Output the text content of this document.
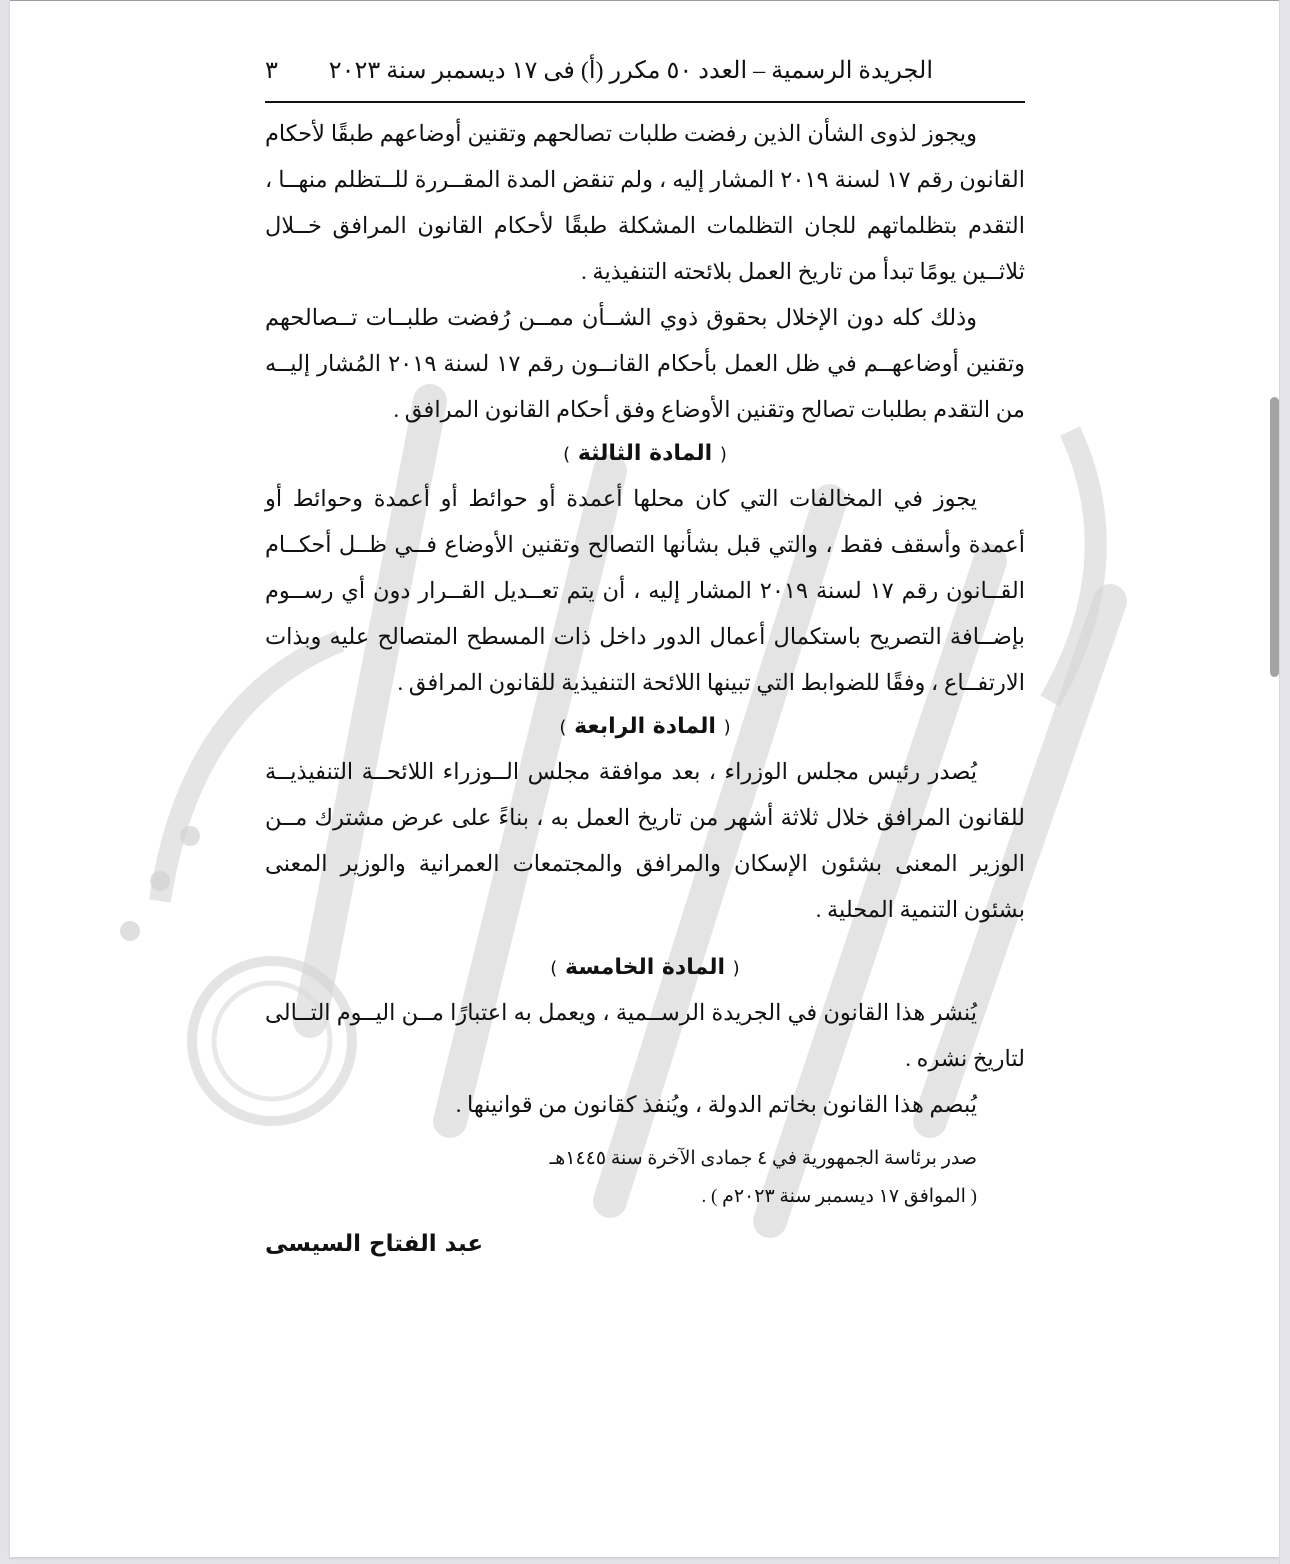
الجريدة الرسمية – العدد ٥٠ مكرر (أ) فى ١٧ ديسمبر سنة ٢٠٢٣
٣

ويجوز لذوى الشأن الذين رفضت طلبات تصالحهم وتقنين أوضاعهم طبقًا لأحكام القانون رقم ١٧ لسنة ٢٠١٩ المشار إليه ، ولم تنقض المدة المقــررة للــتظلم منهــا ، التقدم بتظلماتهم للجان التظلمات المشكلة طبقًا لأحكام القانون المرافق خــلال ثلاثــين يومًا تبدأ من تاريخ العمل بلائحته التنفيذية .

وذلك كله دون الإخلال بحقوق ذوي الشــأن ممــن رُفضت طلبــات تــصالحهم وتقنين أوضاعهــم في ظل العمل بأحكام القانــون رقم ١٧ لسنة ٢٠١٩ المُشار إليــه من التقدم بطلبات تصالح وتقنين الأوضاع وفق أحكام القانون المرافق .

( المادة الثالثة )

يجوز في المخالفات التي كان محلها أعمدة أو حوائط أو أعمدة وحوائط أو أعمدة وأسقف فقط ، والتي قبل بشأنها التصالح وتقنين الأوضاع فــي ظــل أحكــام القــانون رقم ١٧ لسنة ٢٠١٩ المشار إليه ، أن يتم تعــديل القــرار دون أي رســوم بإضــافة التصريح باستكمال أعمال الدور داخل ذات المسطح المتصالح عليه وبذات الارتفــاع ، وفقًا للضوابط التي تبينها اللائحة التنفيذية للقانون المرافق .

( المادة الرابعة )

يُصدر رئيس مجلس الوزراء ، بعد موافقة مجلس الــوزراء اللائحــة التنفيذيــة للقانون المرافق خلال ثلاثة أشهر من تاريخ العمل به ، بناءً على عرض مشترك مــن الوزير المعنى بشئون الإسكان والمرافق والمجتمعات العمرانية والوزير المعنى بشئون التنمية المحلية .

( المادة الخامسة )

يُنشر هذا القانون في الجريدة الرســمية ، ويعمل به اعتبارًا مــن اليــوم التــالى لتاريخ نشره .

يُبصم هذا القانون بخاتم الدولة ، ويُنفذ كقانون من قوانينها .

صدر برئاسة الجمهورية في ٤ جمادى الآخرة سنة ١٤٤٥هـ
( الموافق ١٧ ديسمبر سنة ٢٠٢٣م ) .
عبد الفتاح السيسى
